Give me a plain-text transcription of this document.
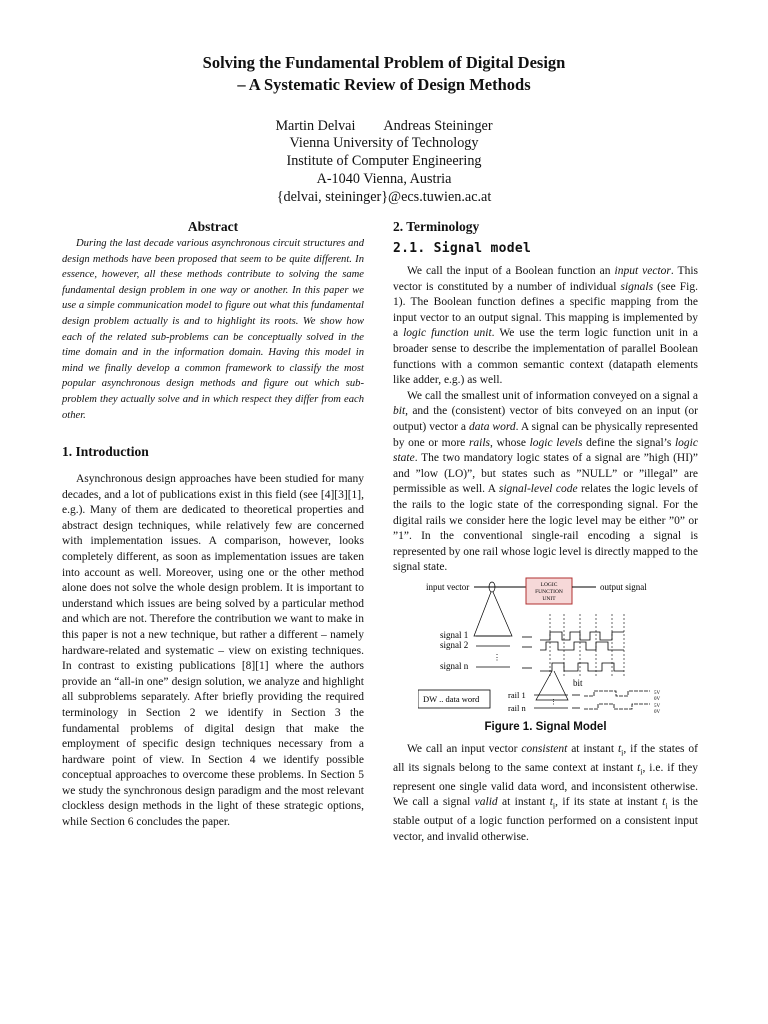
Solving the Fundamental Problem of Digital Design
– A Systematic Review of Design Methods
Martin Delvai Andreas Steininger
Vienna University of Technology
Institute of Computer Engineering
A-1040 Vienna, Austria
{delvai, steininger}@ecs.tuwien.ac.at
Abstract

During the last decade various asynchronous circuit structures and design methods have been proposed that seem to be quite different. In essence, however, all these methods contribute to solving the same fundamental design problem in one way or another. In this paper we use a simple communication model to figure out what this fundamental design problem actually is and to highlight its roots. We show how each of the related sub-problems can be conceptually solved in the time domain and in the information domain. Having this model in mind we finally develop a common framework to classify the most popular asynchronous design methods and figure out which sub-problem they actually solve and in which respect they differ from each other.

1. Introduction

Asynchronous design approaches have been studied for many decades, and a lot of publications exist in this field (see [4][3][1], e.g.). Many of them are dedicated to theoretical properties and abstract design techniques, while relatively few are concerned with implementation issues. A comparison, however, looks completely different, as soon as implementation issues are taken into account as well. Moreover, using one or the other method alone does not solve the whole design problem. It is important to understand which issues are being solved by a particular method and which are not. Therefore the contribution we want to make in this paper is not a new technique, but rather a different – namely hardware-related and systematic – view on existing techniques. In contrast to existing publications [8][1] where the authors provide an “all-in one” design solution, we analyze and highlight all subproblems separately. After briefly providing the required terminology in Section 2 we identify in Section 3 the fundamental problems of digital design that make the employment of specific design techniques necessary from a hardware point of view. In Section 4 we identify possible conceptual approaches to overcome these problems. In Section 5 we study the synchronous design paradigm and the most relevant clockless design methods in the light of these strategic options, while Section 6 concludes the paper.

2. Terminology
2.1. Signal model

We call the input of a Boolean function an input vector. This vector is constituted by a number of individual signals (see Fig. 1). The Boolean function defines a specific mapping from the input vector to an output signal. This mapping is implemented by a logic function unit. We use the term logic function unit in a broader sense to describe the implementation of parallel Boolean functions with a common semantic context (datapath elements like adder, e.g.) as well.

We call the smallest unit of information conveyed on a signal a bit, and the (consistent) vector of bits conveyed on an input (or output) vector a data word. A signal can be physically represented by one or more rails, whose logic levels define the signal’s logic state. The two mandatory logic states of a signal are ”high (HI)” and ”low (LO)”, but states such as ”NULL” or ”illegal” are permissible as well. A signal-level code relates the logic levels of the rails to the logic state of the corresponding signal. For the digital rails we consider here the logic level may be either ”0” or ”1”. In the conventional single-rail encoding a signal is represented by one rail whose logic level is directly mapped to the signal state.

input vector	LOGIC
FUNCTION
UNIT
output signal
signal 1
signal 2
⋮
signal n
bit
DW .. data word	rail 1
⋮
rail n
5V
0V
5V
0V
Figure 1. Signal Model

We call an input vector consistent at instant $t_i$, if the states of all its signals belong to the same context at instant $t_i$, i.e. if they represent one single valid data word, and inconsistent otherwise. We call a signal valid at instant $t_i$, if its state at instant $t_i$ is the stable output of a logic function performed on a consistent input vector, and invalid otherwise.
